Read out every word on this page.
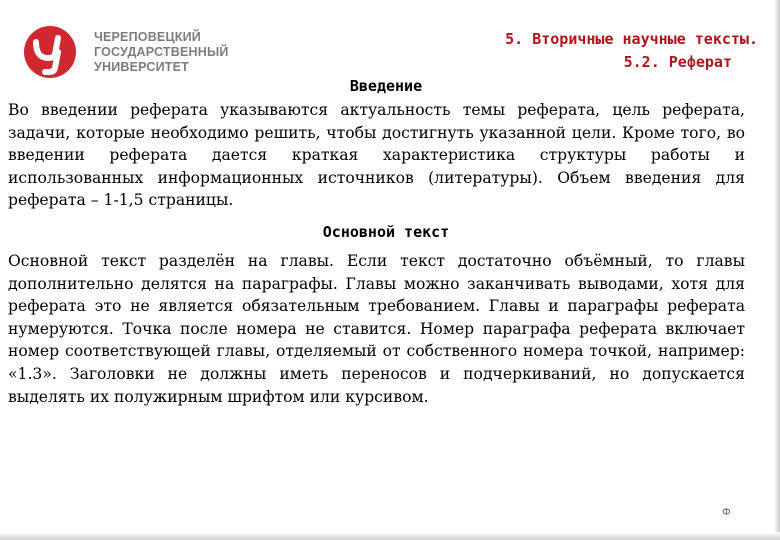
ЧЕРЕПОВЕЦКИЙ
ГОСУДАРСТВЕННЫЙ
УНИВЕРСИТЕТ
5. Вторичные научные тексты.
5.2. Реферат
Введение
Во введении реферата указываются актуальность темы реферата, цель реферата, задачи, которые необходимо решить, чтобы достигнуть указанной цели. Кроме того, во введении реферата дается краткая характеристика структуры работы и использованных информационных источников (литературы). Объем введения для реферата – 1-1,5 страницы.
Основной текст
Основной текст разделён на главы. Если текст достаточно объёмный, то главы дополнительно делятся на параграфы. Главы можно заканчивать выводами, хотя для реферата это не является обязательным требованием. Главы и параграфы реферата нумеруются. Точка после номера не ставится. Номер параграфа реферата включает номер соответствующей главы, отделяемый от собственного номера точкой, например: «1.3». Заголовки не должны иметь переносов и подчеркиваний, но допускается выделять их полужирным шрифтом или курсивом.
Ф
